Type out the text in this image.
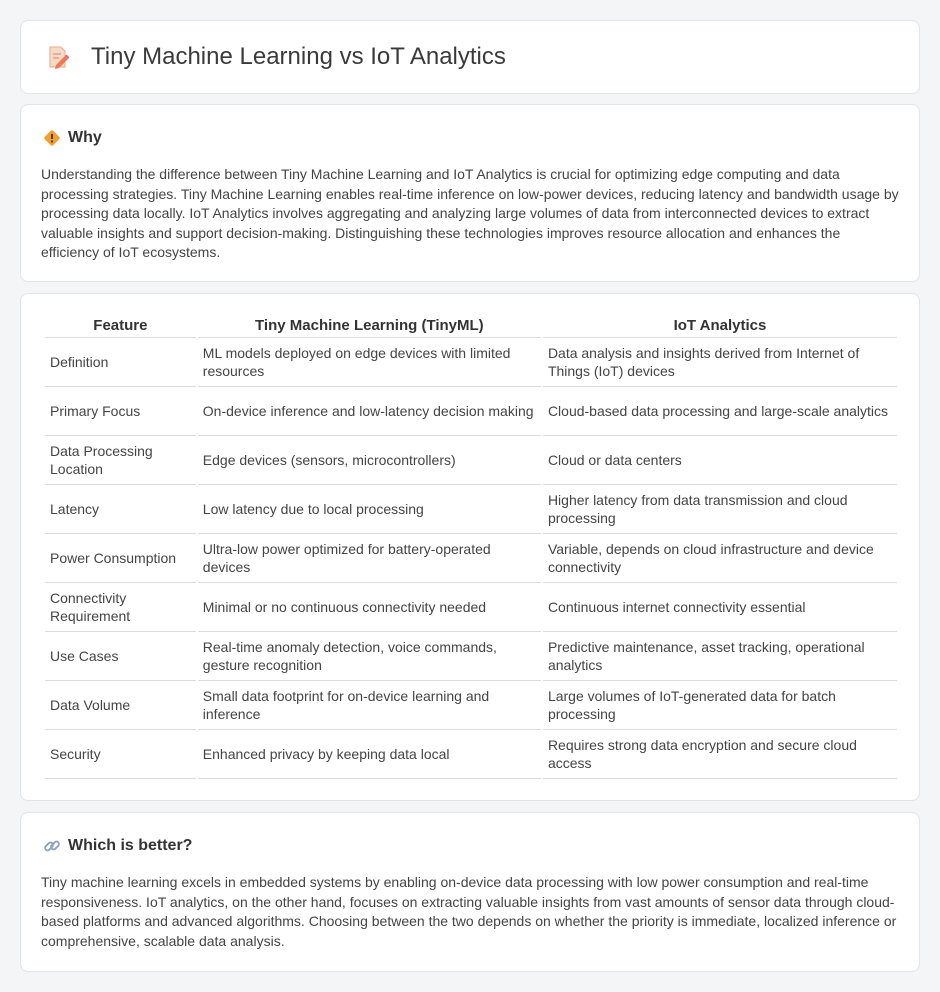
Tiny Machine Learning vs IoT Analytics
Why

Understanding the difference between Tiny Machine Learning and IoT Analytics is crucial for optimizing edge computing and data processing strategies. Tiny Machine Learning enables real-time inference on low-power devices, reducing latency and bandwidth usage by processing data locally. IoT Analytics involves aggregating and analyzing large volumes of data from interconnected devices to extract valuable insights and support decision-making. Distinguishing these technologies improves resource allocation and enhances the efficiency of IoT ecosystems.

Feature	Tiny Machine Learning (TinyML)	IoT Analytics
Definition	ML models deployed on edge devices with limited resources	Data analysis and insights derived from Internet of Things (IoT) devices
Primary Focus	On-device inference and low-latency decision making	Cloud-based data processing and large-scale analytics
Data Processing Location	Edge devices (sensors, microcontrollers)	Cloud or data centers
Latency	Low latency due to local processing	Higher latency from data transmission and cloud processing
Power Consumption	Ultra-low power optimized for battery-operated devices	Variable, depends on cloud infrastructure and device connectivity
Connectivity Requirement	Minimal or no continuous connectivity needed	Continuous internet connectivity essential
Use Cases	Real-time anomaly detection, voice commands, gesture recognition	Predictive maintenance, asset tracking, operational analytics
Data Volume	Small data footprint for on-device learning and inference	Large volumes of IoT-generated data for batch processing
Security	Enhanced privacy by keeping data local	Requires strong data encryption and secure cloud access
Which is better?

Tiny machine learning excels in embedded systems by enabling on-device data processing with low power consumption and real-time responsiveness. IoT analytics, on the other hand, focuses on extracting valuable insights from vast amounts of sensor data through cloud-based platforms and advanced algorithms. Choosing between the two depends on whether the priority is immediate, localized inference or comprehensive, scalable data analysis.
